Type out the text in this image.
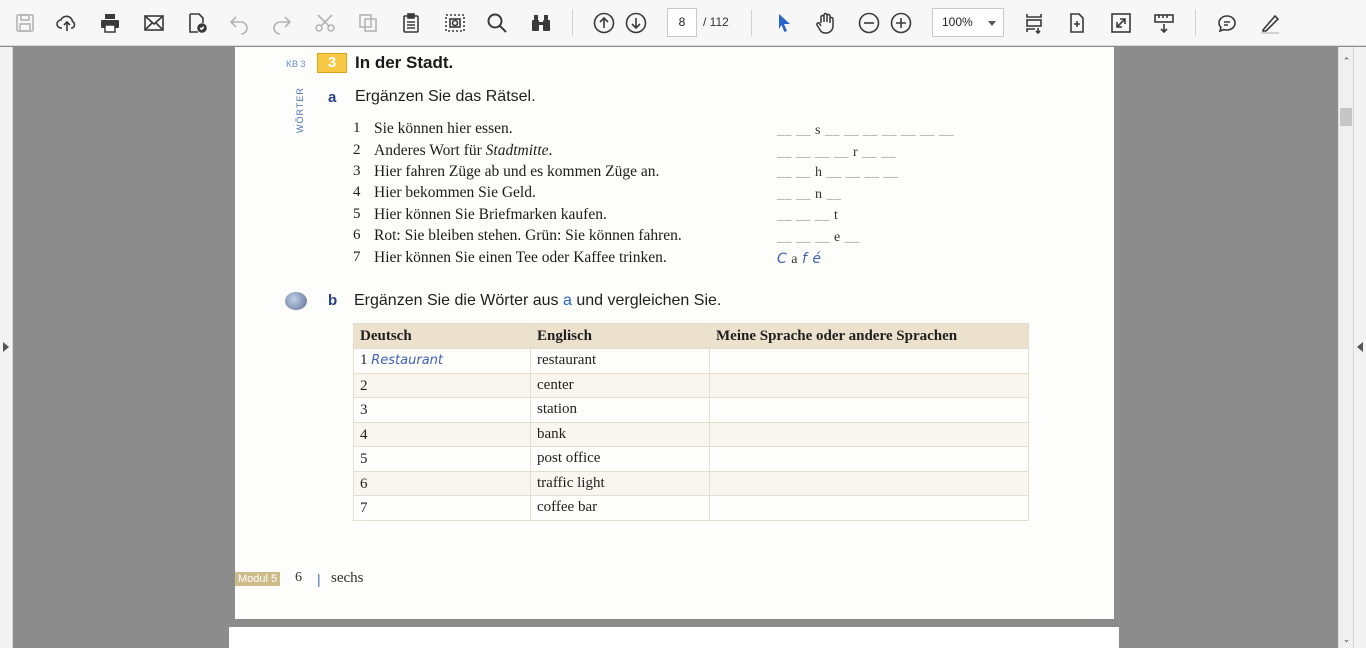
8	/ 112	100%
KB 3	3	In der Stadt.
WÖRTER a Ergänzen Sie das Rätsel.
1 Sie können hier essen.	__ __ s __ __ __ __ __ __ __
2 Anderes Wort für Stadtmitte.	__ __ __ __ r __ __
3 Hier fahren Züge ab und es kommen Züge an.	__ __ h __ __ __ __
4 Hier bekommen Sie Geld.	__ __ n __
5 Hier können Sie Briefmarken kaufen.	__ __ __ t
6 Rot: Sie bleiben stehen. Grün: Sie können fahren.	__ __ __ e __
7 Hier können Sie einen Tee oder Kaffee trinken.	C a f é
b Ergänzen Sie die Wörter aus a und vergleichen Sie.
Deutsch	Englisch	Meine Sprache oder andere Sprachen
1 Restaurant	restaurant	
2	center	
3	station	
4	bank	
5	post office	
6	traffic light	
7	coffee bar	
Modul 5 6 | sechs
⌃
⌄
